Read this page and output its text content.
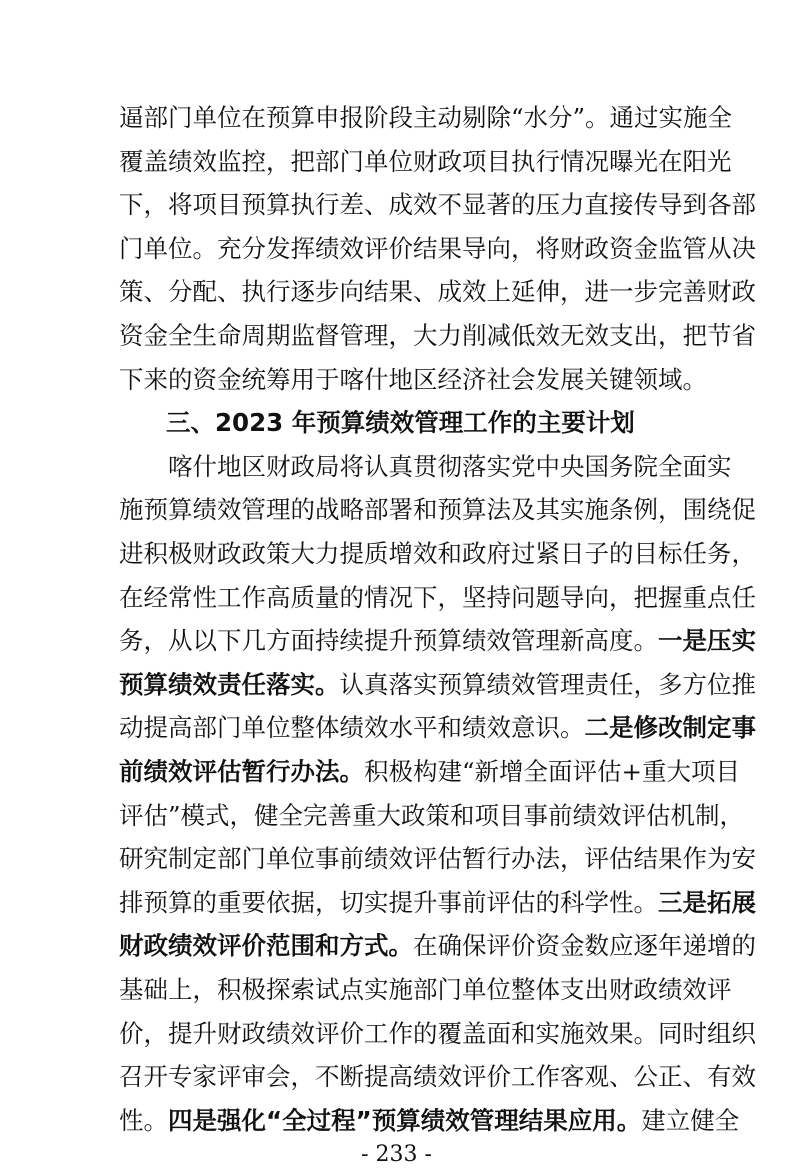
逼部门单位在预算申报阶段主动剔除“水分”。通过实施全
覆盖绩效监控，把部门单位财政项目执行情况曝光在阳光
下，将项目预算执行差、成效不显著的压力直接传导到各部
门单位。充分发挥绩效评价结果导向，将财政资金监管从决
策、分配、执行逐步向结果、成效上延伸，进一步完善财政
资金全生命周期监督管理，大力削减低效无效支出，把节省
下来的资金统筹用于喀什地区经济社会发展关键领域。
三、2023 年预算绩效管理工作的主要计划
喀什地区财政局将认真贯彻落实党中央国务院全面实
施预算绩效管理的战略部署和预算法及其实施条例，围绕促
进积极财政政策大力提质增效和政府过紧日子的目标任务，
在经常性工作高质量的情况下，坚持问题导向，把握重点任
务，从以下几方面持续提升预算绩效管理新高度。一是压实
预算绩效责任落实。认真落实预算绩效管理责任，多方位推
动提高部门单位整体绩效水平和绩效意识。二是修改制定事
前绩效评估暂行办法。积极构建“新增全面评估+重大项目
评估”模式，健全完善重大政策和项目事前绩效评估机制，
研究制定部门单位事前绩效评估暂行办法，评估结果作为安
排预算的重要依据，切实提升事前评估的科学性。三是拓展
财政绩效评价范围和方式。在确保评价资金数应逐年递增的
基础上，积极探索试点实施部门单位整体支出财政绩效评
价，提升财政绩效评价工作的覆盖面和实施效果。同时组织
召开专家评审会，不断提高绩效评价工作客观、公正、有效
性。四是强化“全过程”预算绩效管理结果应用。建立健全
- 233 -
